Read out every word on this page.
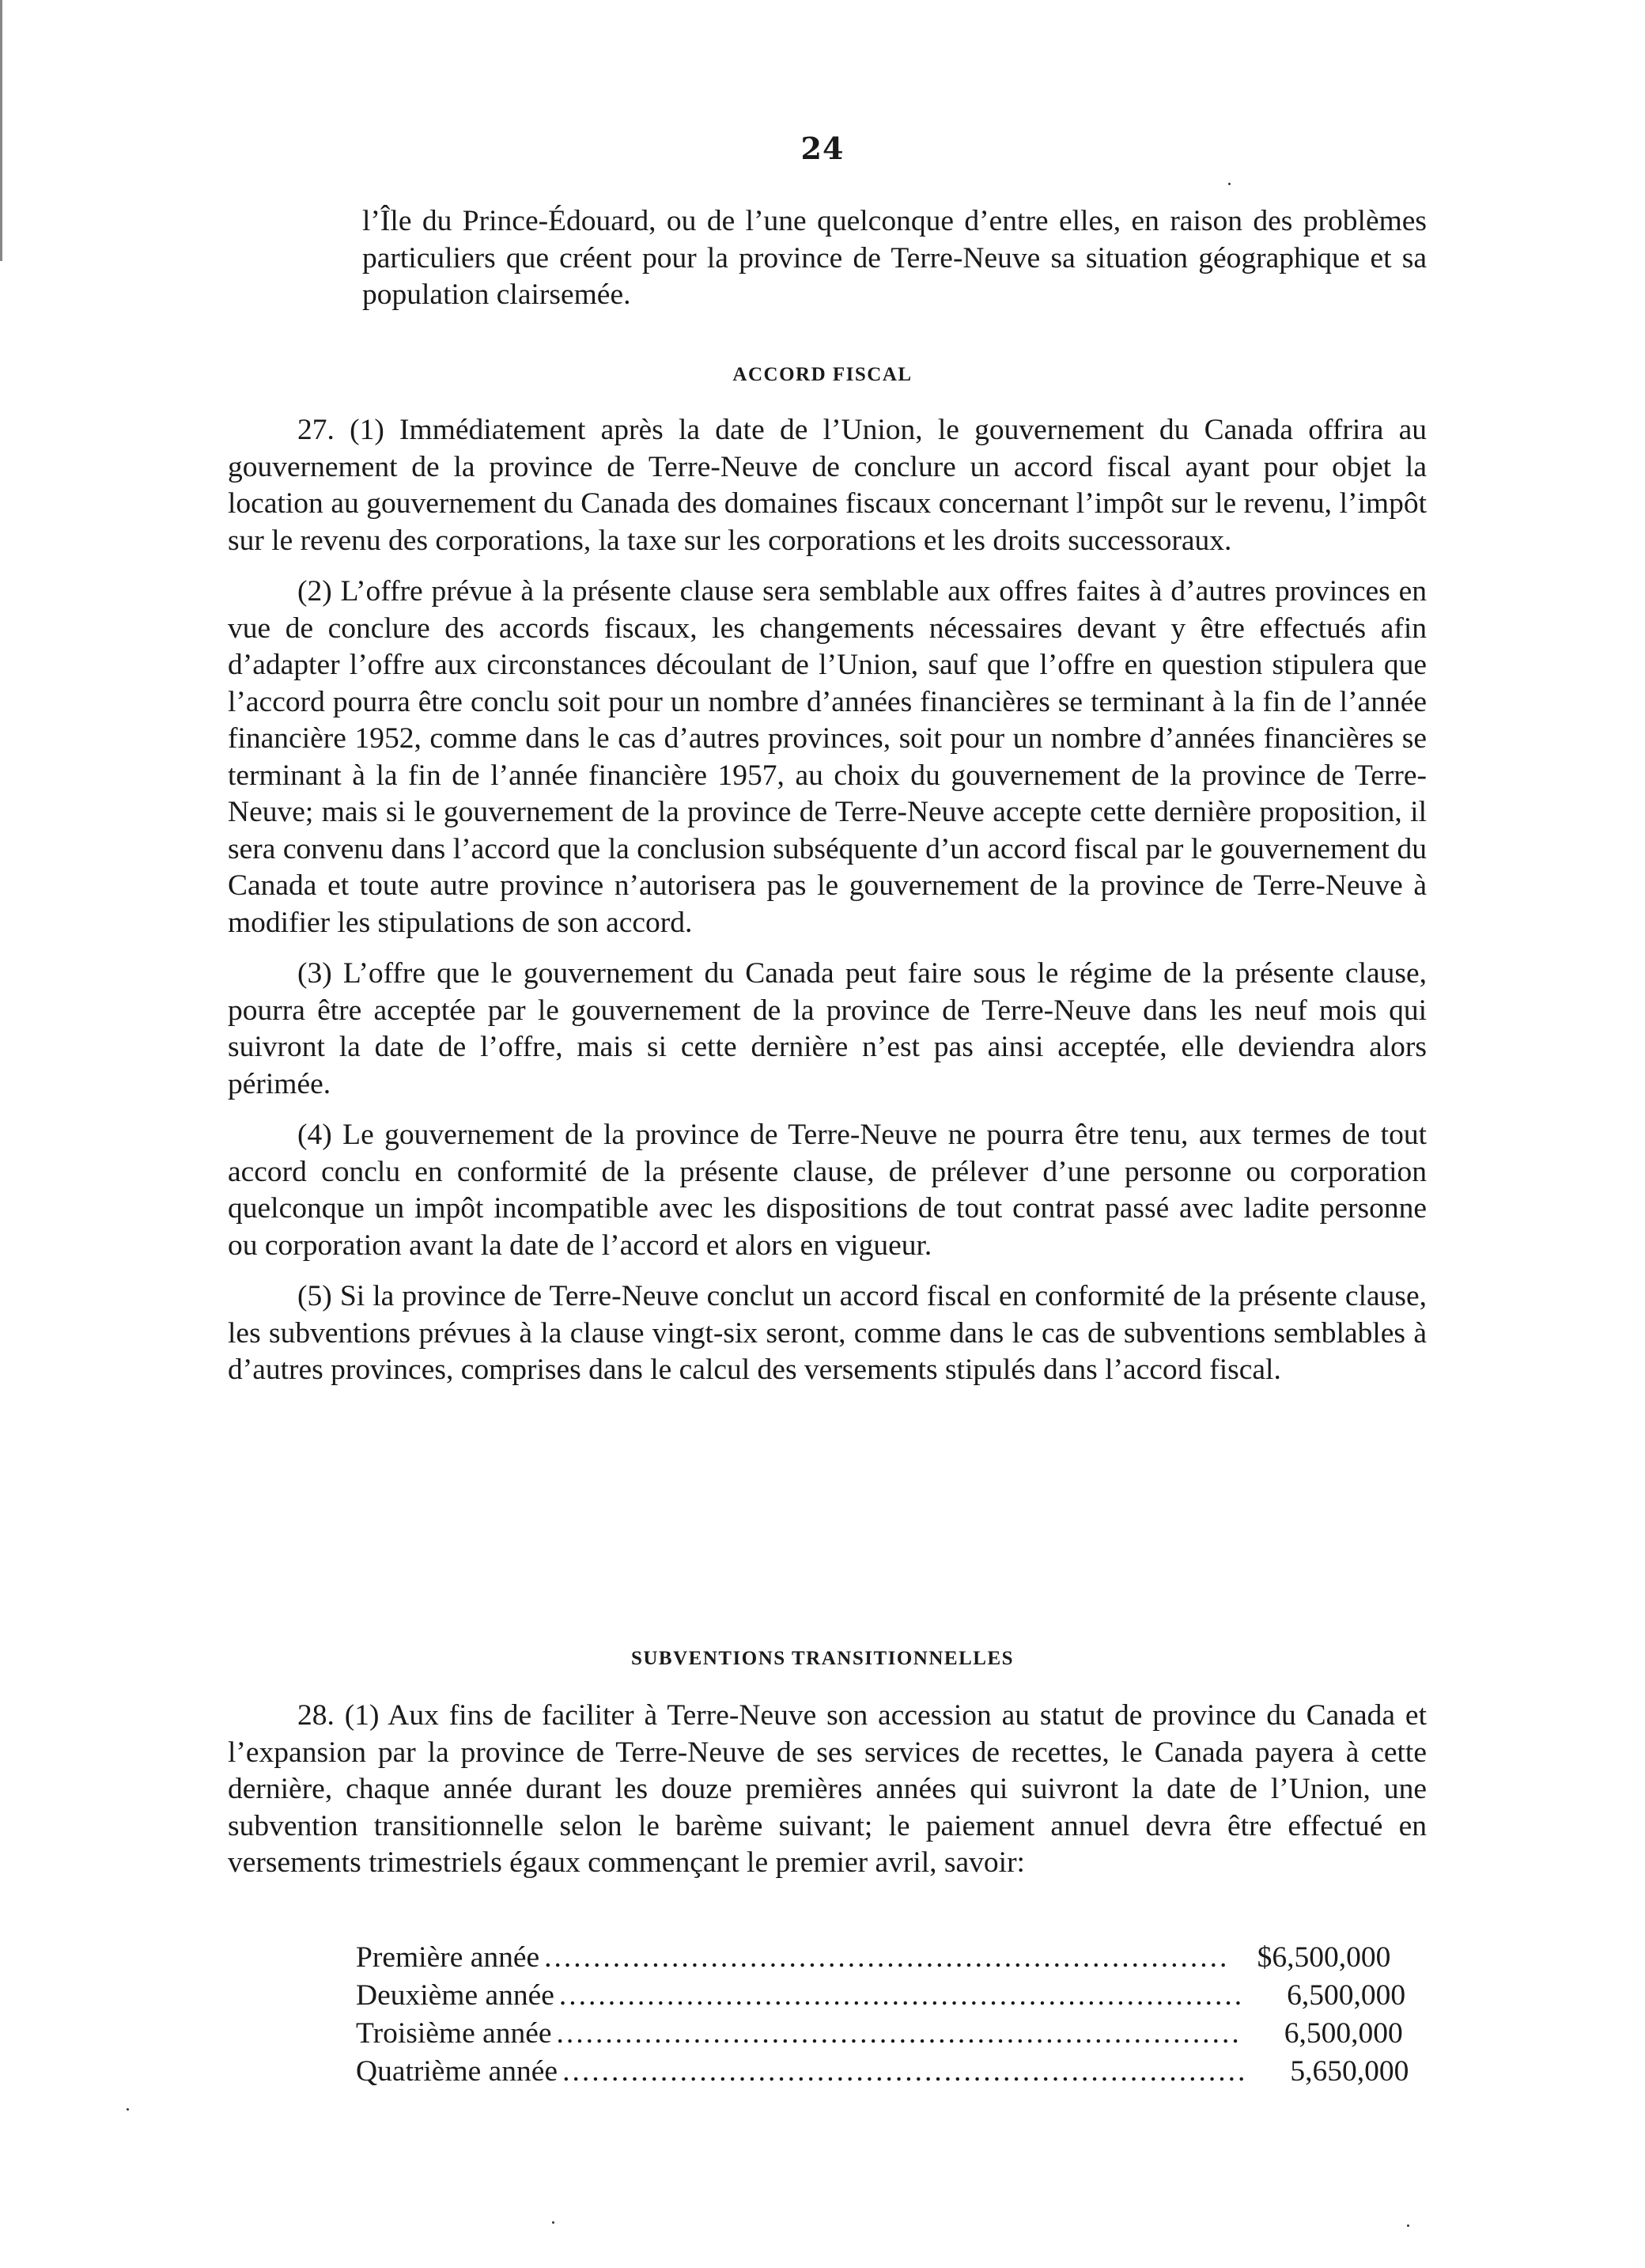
24
l’Île du Prince-Édouard, ou de l’une quelconque d’entre elles, en raison des problèmes particuliers que créent pour la province de Terre-Neuve sa situation géographique et sa population clairsemée.
ACCORD FISCAL

27. (1) Immédiatement après la date de l’Union, le gouvernement du Canada offrira au gouvernement de la province de Terre-Neuve de conclure un accord fiscal ayant pour objet la location au gouvernement du Canada des domaines fiscaux concernant l’impôt sur le revenu, l’impôt sur le revenu des corporations, la taxe sur les corporations et les droits successoraux.

(2) L’offre prévue à la présente clause sera semblable aux offres faites à d’autres provinces en vue de conclure des accords fiscaux, les changements nécessaires devant y être effectués afin d’adapter l’offre aux circonstances découlant de l’Union, sauf que l’offre en question stipulera que l’accord pourra être conclu soit pour un nombre d’années financières se terminant à la fin de l’année financière 1952, comme dans le cas d’autres provinces, soit pour un nombre d’années financières se terminant à la fin de l’année financière 1957, au choix du gouvernement de la province de Terre-Neuve; mais si le gouvernement de la province de Terre-Neuve accepte cette dernière proposition, il sera convenu dans l’accord que la conclusion subséquente d’un accord fiscal par le gouvernement du Canada et toute autre province n’autorisera pas le gouvernement de la province de Terre-Neuve à modifier les stipulations de son accord.

(3) L’offre que le gouvernement du Canada peut faire sous le régime de la présente clause, pourra être acceptée par le gouvernement de la province de Terre-Neuve dans les neuf mois qui suivront la date de l’offre, mais si cette dernière n’est pas ainsi acceptée, elle deviendra alors périmée.

(4) Le gouvernement de la province de Terre-Neuve ne pourra être tenu, aux termes de tout accord conclu en conformité de la présente clause, de prélever d’une personne ou corporation quelconque un impôt incompatible avec les dispositions de tout contrat passé avec ladite personne ou corporation avant la date de l’accord et alors en vigueur.

(5) Si la province de Terre-Neuve conclut un accord fiscal en conformité de la présente clause, les subventions prévues à la clause vingt-six seront, comme dans le cas de subventions semblables à d’autres provinces, comprises dans le calcul des versements stipulés dans l’accord fiscal.

SUBVENTIONS TRANSITIONNELLES

28. (1) Aux fins de faciliter à Terre-Neuve son accession au statut de province du Canada et l’expansion par la province de Terre-Neuve de ses services de recettes, le Canada payera à cette dernière, chaque année durant les douze premières années qui suivront la date de l’Union, une subvention transitionnelle selon le barème suivant; le paiement annuel devra être effectué en versements trimestriels égaux commençant le premier avril, savoir:

Première année ...................................................................... $6,500,000
Deuxième année ......................................................................	6,500,000
Troisième année ......................................................................	6,500,000
Quatrième année ......................................................................	5,650,000
